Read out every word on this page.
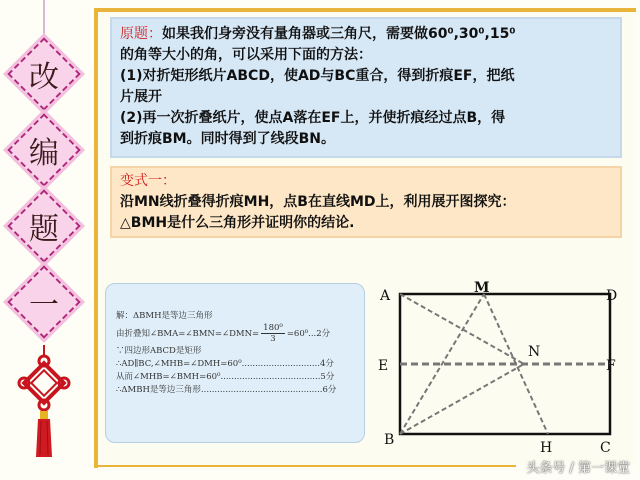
改
编
题
一
原题：如果我们身旁没有量角器或三角尺，需要做60⁰,30⁰,15⁰
的角等大小的角，可以采用下面的方法：
(1)对折矩形纸片ABCD，使AD与BC重合，得到折痕EF，把纸
片展开
(2)再一次折叠纸片，使点A落在EF上，并使折痕经过点B，得
到折痕BM。同时得到了线段BN。
变式一：
沿MN线折叠得折痕MH，点B在直线MD上，利用展开图探究：
△BMH是什么三角形并证明你的结论.
解：ΔBMH是等边三角形
由折叠知∠BMA=∠BMN=∠DMN= $\frac{\text{180⁰}}{3} =60^0...2$分
∵四边形ABCD是矩形
∴AD∥BC,∠MHB=∠DMH=60⁰.............................4分
从而∠MHB=∠BMH=60⁰.....................................5分
∴ΔMBH是等边三角形.............................................6分
A	M	D
E
N
F
B	H	C
头条号 / 第一课堂
